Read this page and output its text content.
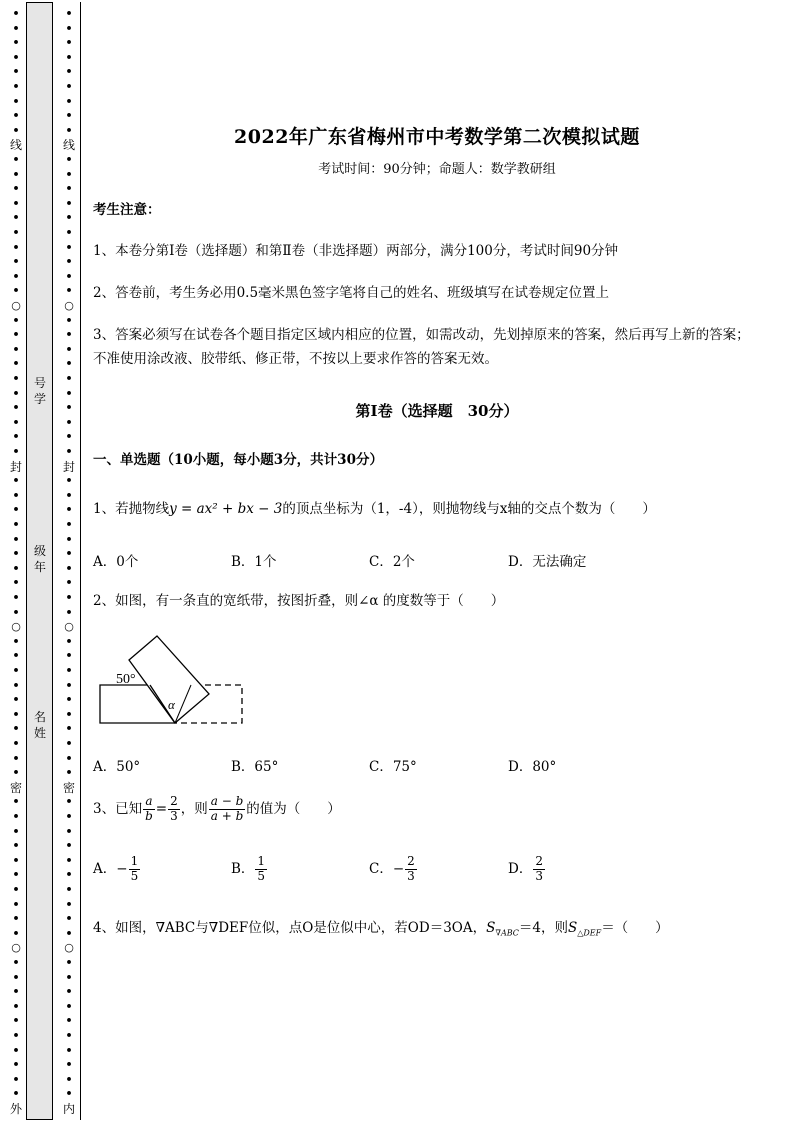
•
•
•
•
•
•
•
•
•
线
•
•
•
•
•
•
•
•
•
•
○
•
•
•
•
•
•
•
•
•
•
封
•
•
•
•
•
•
•
•
•
•
○
•
•
•
•
•
•
•
•
•
•
密
•
•
•
•
•
•
•
•
•
•
○
•
•
•
•
•
•
•
•
•
•
外
•
•
•
•
•
•
•
•
•
线
•
•
•
•
•
•
•
•
•
•
○
•
•
•
•
•
•
•
•
•
•
封
•
•
•
•
•
•
•
•
•
•
○
•
•
•
•
•
•
•
•
•
•
密
•
•
•
•
•
•
•
•
•
•
○
•
•
•
•
•
•
•
•
•
•
内
号学
级年
名姓
2022年广东省梅州市中考数学第二次模拟试题
考试时间：90分钟；命题人：数学教研组
考生注意：
1、本卷分第I卷（选择题）和第Ⅱ卷（非选择题）两部分，满分100分，考试时间90分钟
2、答卷前，考生务必用0.5毫米黑色签字笔将自己的姓名、班级填写在试卷规定位置上
3、答案必须写在试卷各个题目指定区域内相应的位置，如需改动，先划掉原来的答案，然后再写上新的答案；不准使用涂改液、胶带纸、修正带，不按以上要求作答的答案无效。
第I卷（选择题　30分）
一、单选题（10小题，每小题3分，共计30分）
1、若抛物线y = ax² + bx − 3的顶点坐标为（1，-4），则抛物线与x轴的交点个数为（　　）
A．0个	B．1个	C．2个	D．无法确定
2、如图，有一条直的宽纸带，按图折叠，则∠α 的度数等于（　　）
50°
α
A．50°	B．65°	C．75°	D．80°
3、已知 $\frac{a}{b} = \frac{2}{3}$ ，则 $\frac{a - b}{a + b}$ 的值为（　　）
A．− $\frac{1}{5}$	B． $\frac{1}{5}$	C．− $\frac{2}{3}$	D． $\frac{2}{3}$
4、如图，∇ABC与∇DEF位似，点O是位似中心，若OD＝3OA，$S_{\nabla ABC}=4$，则$S_{\triangle DEF}=$（　　）
